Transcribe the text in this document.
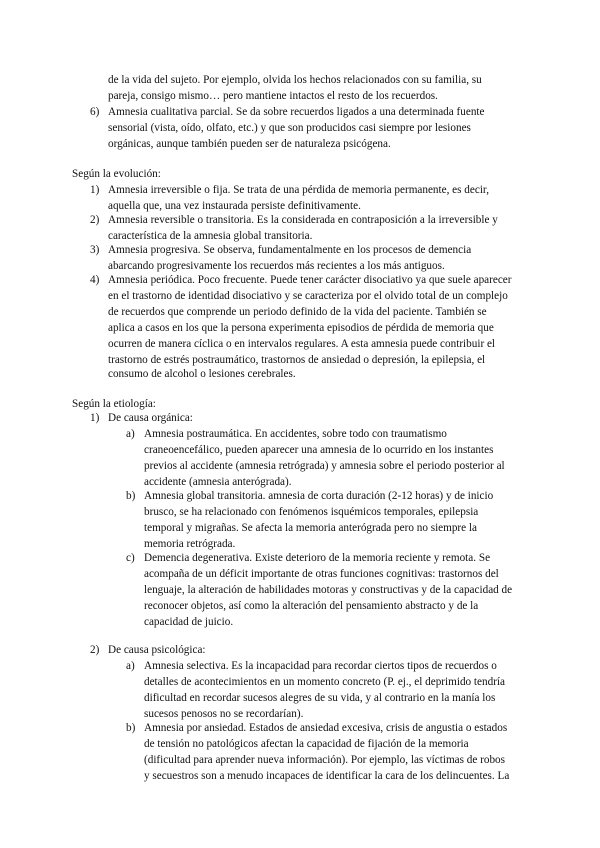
de la vida del sujeto. Por ejemplo, olvida los hechos relacionados con su familia, su
pareja, consigo mismo… pero mantiene intactos el resto de los recuerdos.
6) Amnesia cualitativa parcial. Se da sobre recuerdos ligados a una determinada fuente
sensorial (vista, oído, olfato, etc.) y que son producidos casi siempre por lesiones
orgánicas, aunque también pueden ser de naturaleza psicógena.
Según la evolución:
1) Amnesia irreversible o fija. Se trata de una pérdida de memoria permanente, es decir,
aquella que, una vez instaurada persiste definitivamente.
2) Amnesia reversible o transitoria. Es la considerada en contraposición a la irreversible y
característica de la amnesia global transitoria.
3) Amnesia progresiva. Se observa, fundamentalmente en los procesos de demencia
abarcando progresivamente los recuerdos más recientes a los más antiguos.
4) Amnesia periódica. Poco frecuente. Puede tener carácter disociativo ya que suele aparecer
en el trastorno de identidad disociativo y se caracteriza por el olvido total de un complejo
de recuerdos que comprende un periodo definido de la vida del paciente. También se
aplica a casos en los que la persona experimenta episodios de pérdida de memoria que
ocurren de manera cíclica o en intervalos regulares. A esta amnesia puede contribuir el
trastorno de estrés postraumático, trastornos de ansiedad o depresión, la epilepsia, el
consumo de alcohol o lesiones cerebrales.
Según la etiología:
1) De causa orgánica:
a) Amnesia postraumática. En accidentes, sobre todo con traumatismo
craneoencefálico, pueden aparecer una amnesia de lo ocurrido en los instantes
previos al accidente (amnesia retrógrada) y amnesia sobre el periodo posterior al
accidente (amnesia anterógrada).
b) Amnesia global transitoria. amnesia de corta duración (2-12 horas) y de inicio
brusco, se ha relacionado con fenómenos isquémicos temporales, epilepsia
temporal y migrañas. Se afecta la memoria anterógrada pero no siempre la
memoria retrógrada.
c) Demencia degenerativa. Existe deterioro de la memoria reciente y remota. Se
acompaña de un déficit importante de otras funciones cognitivas: trastornos del
lenguaje, la alteración de habilidades motoras y constructivas y de la capacidad de
reconocer objetos, así como la alteración del pensamiento abstracto y de la
capacidad de juicio.
2) De causa psicológica:
a) Amnesia selectiva. Es la incapacidad para recordar ciertos tipos de recuerdos o
detalles de acontecimientos en un momento concreto (P. ej., el deprimido tendría
dificultad en recordar sucesos alegres de su vida, y al contrario en la manía los
sucesos penosos no se recordarían).
b) Amnesia por ansiedad. Estados de ansiedad excesiva, crisis de angustia o estados
de tensión no patológicos afectan la capacidad de fijación de la memoria
(dificultad para aprender nueva información). Por ejemplo, las víctimas de robos
y secuestros son a menudo incapaces de identificar la cara de los delincuentes. La
